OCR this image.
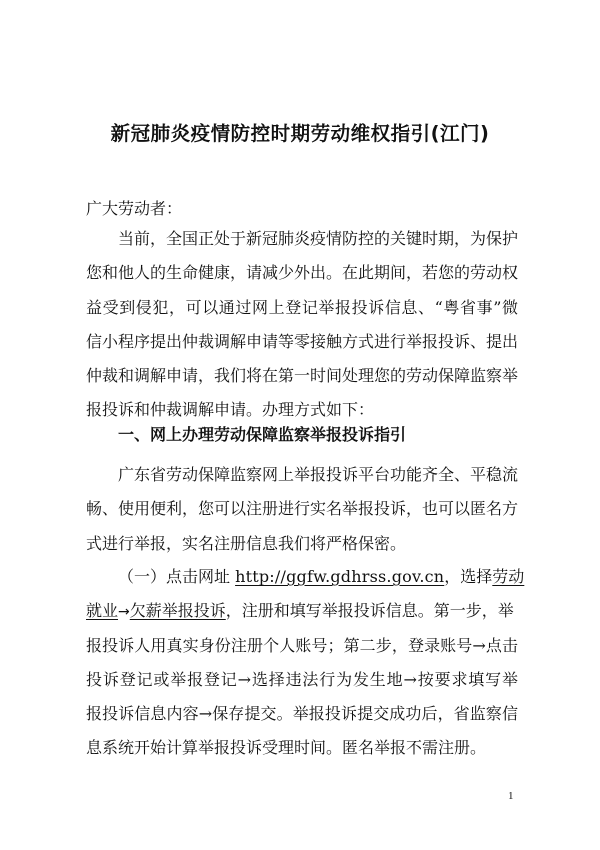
新冠肺炎疫情防控时期劳动维权指引(江门)
广大劳动者：
当前，全国正处于新冠肺炎疫情防控的关键时期，为保护
您和他人的生命健康，请减少外出。在此期间，若您的劳动权
益受到侵犯，可以通过网上登记举报投诉信息、“粤省事”微
信小程序提出仲裁调解申请等零接触方式进行举报投诉、提出
仲裁和调解申请，我们将在第一时间处理您的劳动保障监察举
报投诉和仲裁调解申请。办理方式如下：
一、网上办理劳动保障监察举报投诉指引
广东省劳动保障监察网上举报投诉平台功能齐全、平稳流
畅、使用便利，您可以注册进行实名举报投诉，也可以匿名方
式进行举报，实名注册信息我们将严格保密。
（一）点击网址 http://ggfw.gdhrss.gov.cn，选择劳动
就业→欠薪举报投诉，注册和填写举报投诉信息。第一步，举
报投诉人用真实身份注册个人账号；第二步，登录账号→点击
投诉登记或举报登记→选择违法行为发生地→按要求填写举
报投诉信息内容→保存提交。举报投诉提交成功后，省监察信
息系统开始计算举报投诉受理时间。匿名举报不需注册。
1
